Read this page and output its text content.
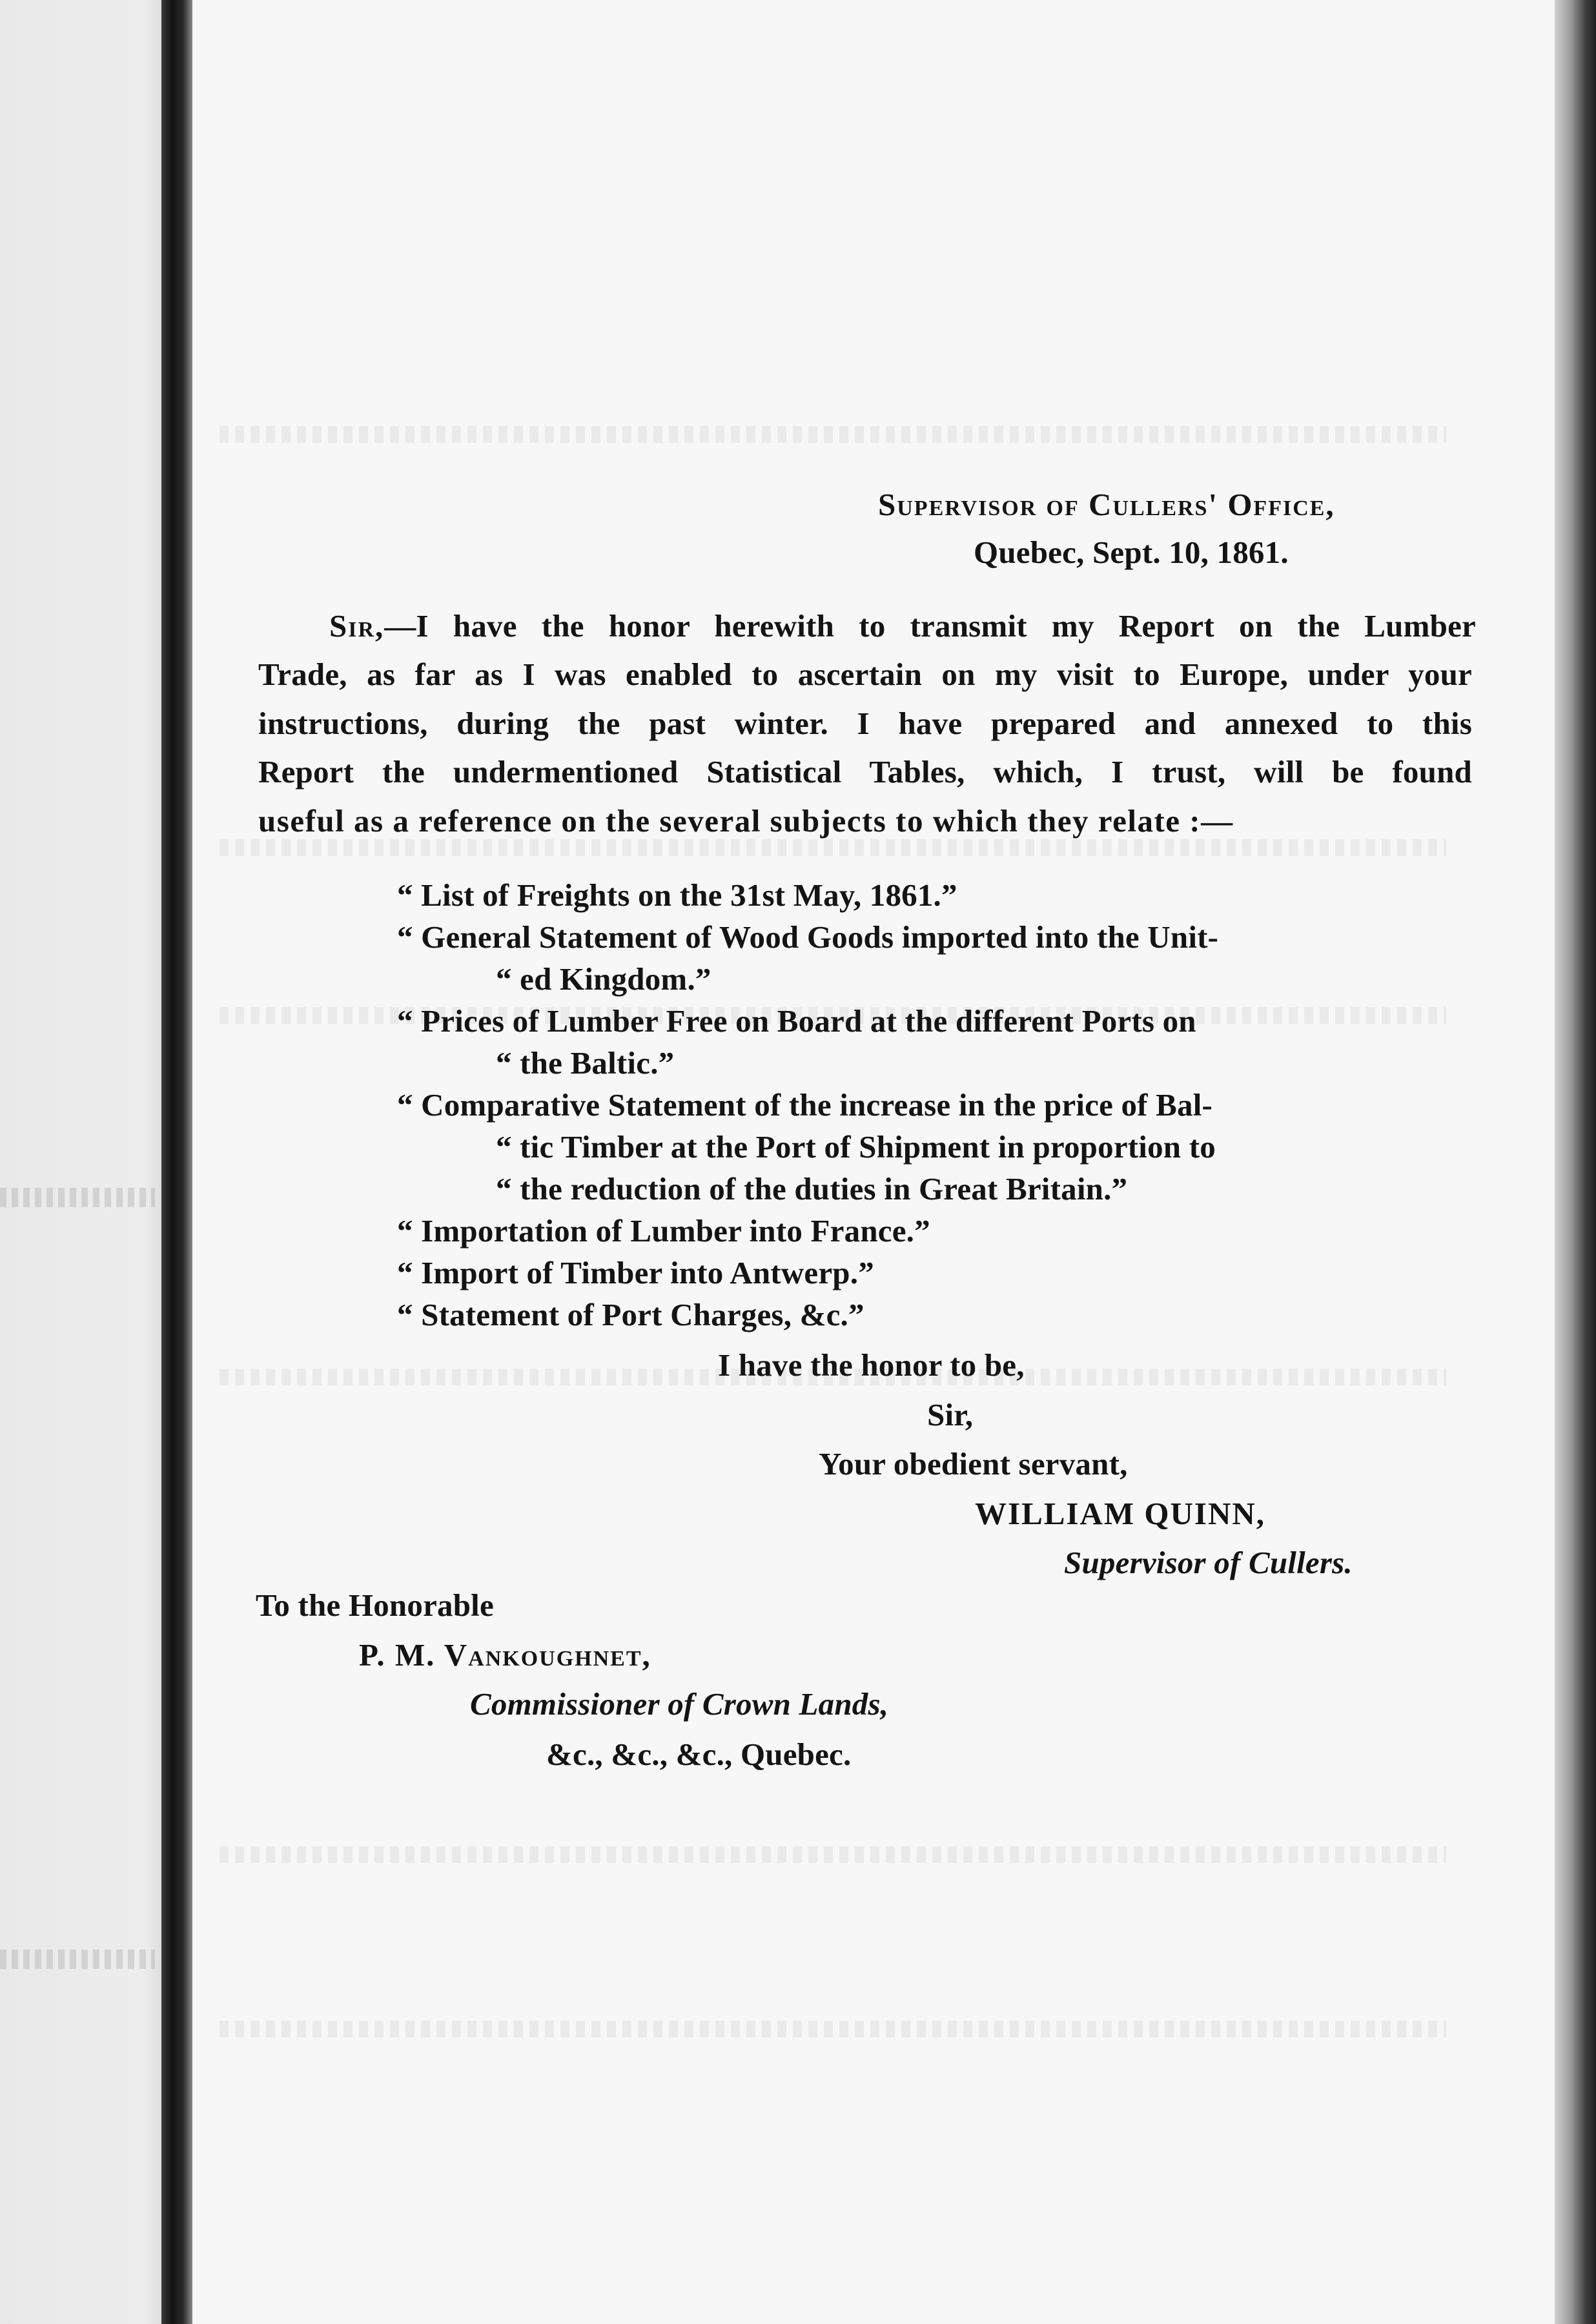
Supervisor of Cullers' Office,
Quebec, Sept. 10, 1861.
Sir,—I have the honor herewith to transmit my Report on the Lumber
Trade, as far as I was enabled to ascertain on my visit to Europe, under your
instructions, during the past winter. I have prepared and annexed to this
Report the undermentioned Statistical Tables, which, I trust, will be found
useful as a reference on the several subjects to which they relate :—
“ List of Freights on the 31st May, 1861.”
“ General Statement of Wood Goods imported into the Unit-
“ ed Kingdom.”
“ Prices of Lumber Free on Board at the different Ports on
“ the Baltic.”
“ Comparative Statement of the increase in the price of Bal-
“ tic Timber at the Port of Shipment in proportion to
“ the reduction of the duties in Great Britain.”
“ Importation of Lumber into France.”
“ Import of Timber into Antwerp.”
“ Statement of Port Charges, &c.”
I have the honor to be,
Sir,
Your obedient servant,
WILLIAM QUINN,
Supervisor of Cullers.
To the Honorable
P. M. Vankoughnet,
Commissioner of Crown Lands,
&c., &c., &c., Quebec.
